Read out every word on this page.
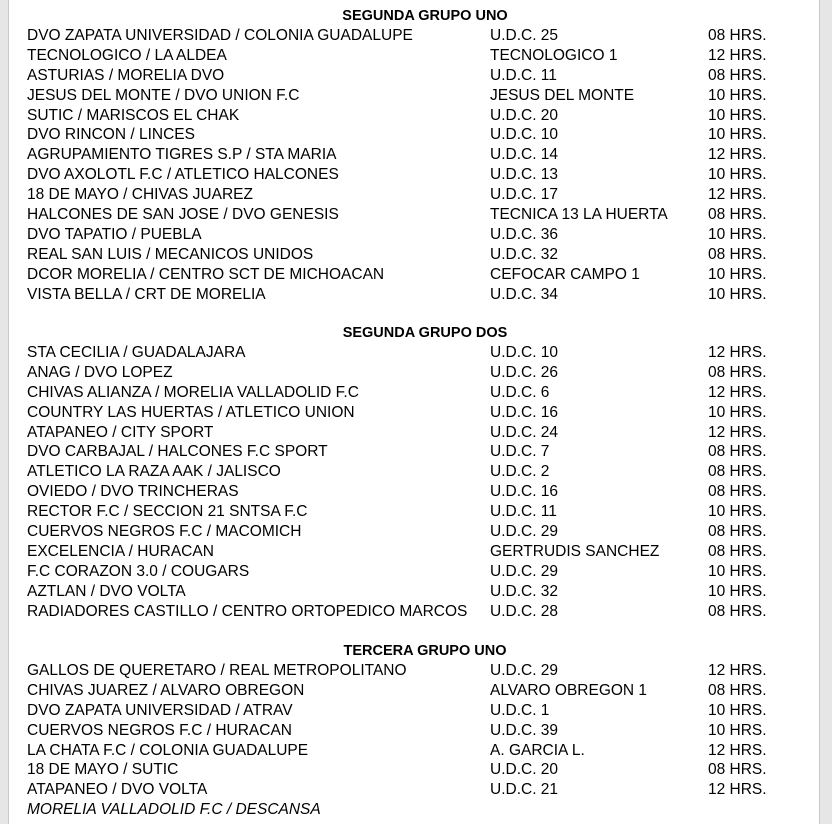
SEGUNDA GRUPO UNO
DVO ZAPATA UNIVERSIDAD / COLONIA GUADALUPE	U.D.C. 25	08 HRS.
TECNOLOGICO / LA ALDEA	TECNOLOGICO 1	12 HRS.
ASTURIAS / MORELIA DVO	U.D.C. 11	08 HRS.
JESUS DEL MONTE / DVO UNION F.C	JESUS DEL MONTE	10 HRS.
SUTIC / MARISCOS EL CHAK	U.D.C. 20	10 HRS.
DVO RINCON / LINCES	U.D.C. 10	10 HRS.
AGRUPAMIENTO TIGRES S.P / STA MARIA	U.D.C. 14	12 HRS.
DVO AXOLOTL F.C / ATLETICO HALCONES	U.D.C. 13	10 HRS.
18 DE MAYO / CHIVAS JUAREZ	U.D.C. 17	12 HRS.
HALCONES DE SAN JOSE / DVO GENESIS	TECNICA 13 LA HUERTA	08 HRS.
DVO TAPATIO / PUEBLA	U.D.C. 36	10 HRS.
REAL SAN LUIS / MECANICOS UNIDOS	U.D.C. 32	08 HRS.
DCOR MORELIA / CENTRO SCT DE MICHOACAN	CEFOCAR CAMPO 1	10 HRS.
VISTA BELLA / CRT DE MORELIA	U.D.C. 34	10 HRS.
SEGUNDA GRUPO DOS
STA CECILIA / GUADALAJARA	U.D.C. 10	12 HRS.
ANAG / DVO LOPEZ	U.D.C. 26	08 HRS.
CHIVAS ALIANZA / MORELIA VALLADOLID F.C	U.D.C. 6	12 HRS.
COUNTRY LAS HUERTAS / ATLETICO UNION	U.D.C. 16	10 HRS.
ATAPANEO / CITY SPORT	U.D.C. 24	12 HRS.
DVO CARBAJAL / HALCONES F.C SPORT	U.D.C. 7	08 HRS.
ATLETICO LA RAZA AAK / JALISCO	U.D.C. 2	08 HRS.
OVIEDO / DVO TRINCHERAS	U.D.C. 16	08 HRS.
RECTOR F.C / SECCION 21 SNTSA F.C	U.D.C. 11	10 HRS.
CUERVOS NEGROS F.C / MACOMICH	U.D.C. 29	08 HRS.
EXCELENCIA / HURACAN	GERTRUDIS SANCHEZ	08 HRS.
F.C CORAZON 3.0 / COUGARS	U.D.C. 29	10 HRS.
AZTLAN / DVO VOLTA	U.D.C. 32	10 HRS.
RADIADORES CASTILLO / CENTRO ORTOPEDICO MARCOS U.D.C. 28	08 HRS.
TERCERA GRUPO UNO
GALLOS DE QUERETARO / REAL METROPOLITANO	U.D.C. 29	12 HRS.
CHIVAS JUAREZ / ALVARO OBREGON	ALVARO OBREGON 1	08 HRS.
DVO ZAPATA UNIVERSIDAD / ATRAV	U.D.C. 1	10 HRS.
CUERVOS NEGROS F.C / HURACAN	U.D.C. 39	10 HRS.
LA CHATA F.C / COLONIA GUADALUPE	A. GARCIA L.	12 HRS.
18 DE MAYO / SUTIC	U.D.C. 20	08 HRS.
ATAPANEO / DVO VOLTA	U.D.C. 21	12 HRS.
MORELIA VALLADOLID F.C / DESCANSA
